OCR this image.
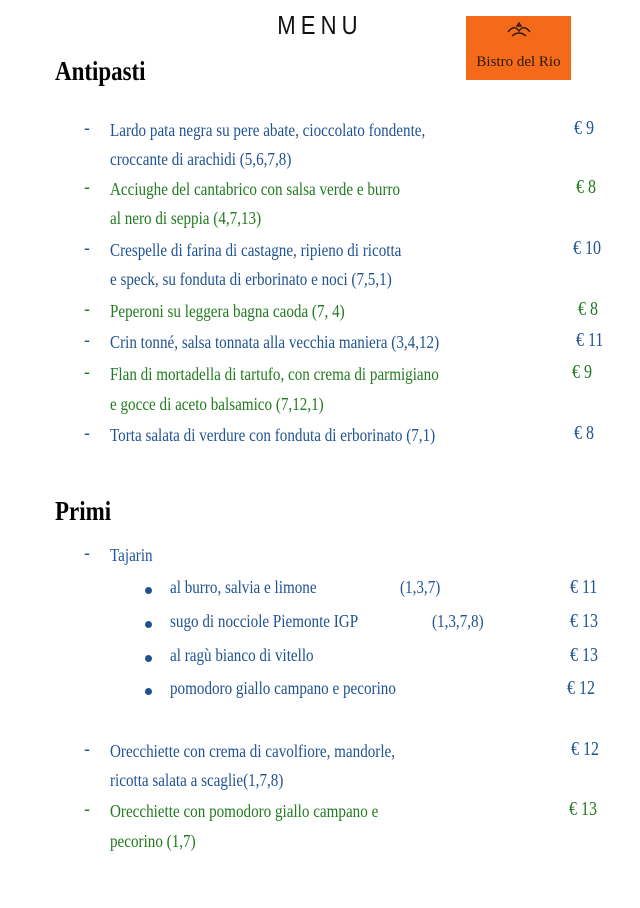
MENU
Bistro del Rio
Antipasti
- Lardo pata negra su pere abate, cioccolato fondente,
croccante di arachidi (5,6,7,8)
€ 9
- Acciughe del cantabrico con salsa verde e burro
al nero di seppia (4,7,13)
€ 8
- Crespelle di farina di castagne, ripieno di ricotta
e speck, su fonduta di erborinato e noci (7,5,1)
€ 10
- Peperoni su leggera bagna caoda (7, 4)	€ 8
- Crin tonné, salsa tonnata alla vecchia maniera (3,4,12)	€ 11
- Flan di mortadella di tartufo, con crema di parmigiano
e gocce di aceto balsamico (7,12,1)
€ 9
- Torta salata di verdure con fonduta di erborinato (7,1)	€ 8
Primi
- Tajarin
al burro, salvia e limone	(1,3,7)	€ 11
sugo di nocciole Piemonte IGP	(1,3,7,8)	€ 13
al ragù bianco di vitello	€ 13
pomodoro giallo campano e pecorino	€ 12
- Orecchiette con crema di cavolfiore, mandorle,
ricotta salata a scaglie(1,7,8)
€ 12
- Orecchiette con pomodoro giallo campano e
pecorino (1,7)
€ 13
